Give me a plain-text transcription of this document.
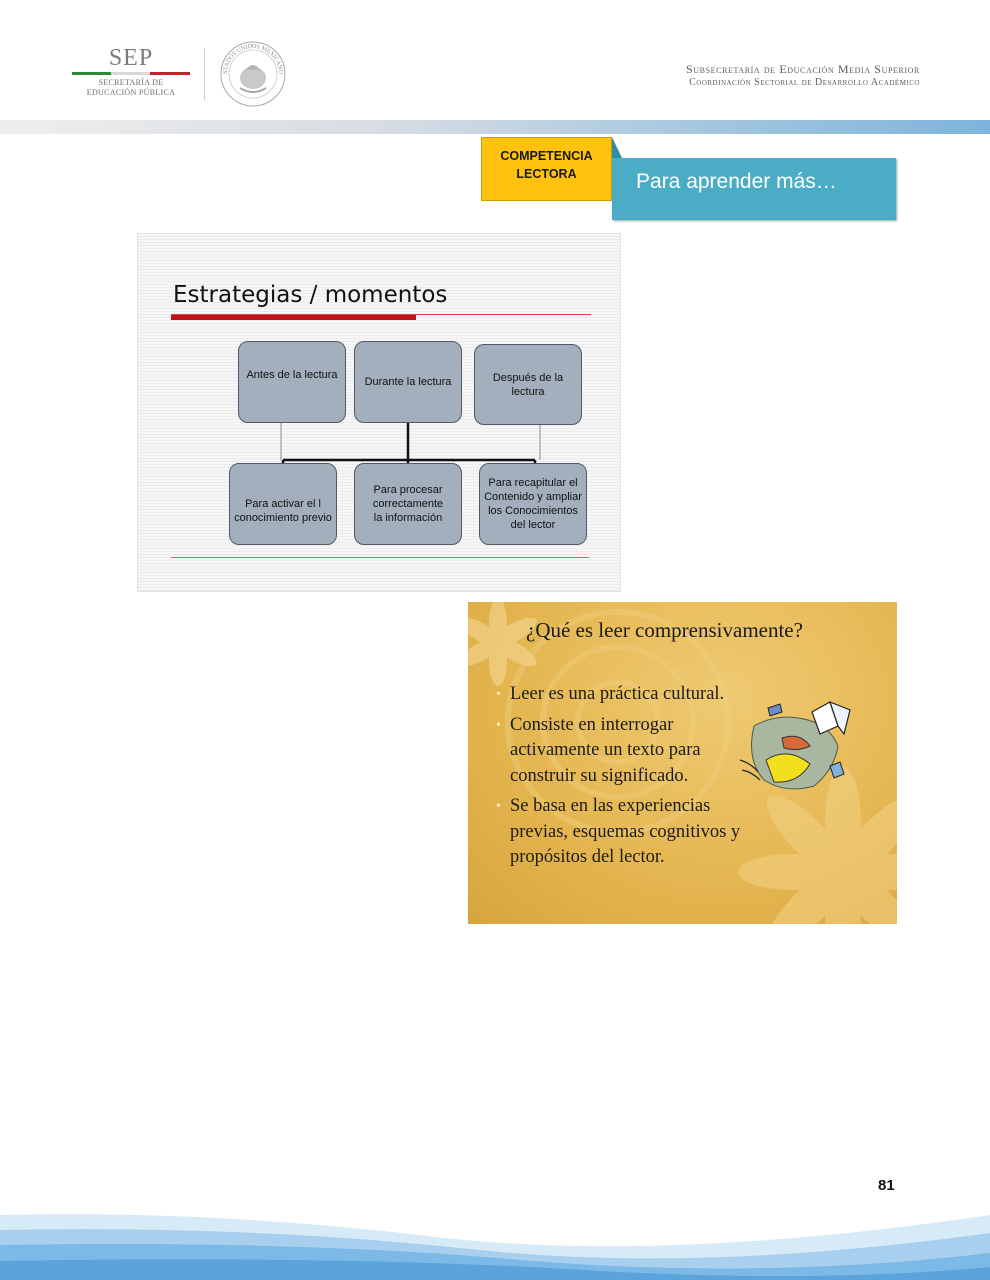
SEP
SECRETARÍA DE
EDUCACIÓN PÚBLICA
STADOS UNIDOS MEXICANO	Subsecretaría de Educación Media Superior
Coordinación Sectorial de Desarrollo Académico
COMPETENCIA
LECTORA	Para aprender más…
Estrategias / momentos
Antes de la lectura
Durante la lectura	Después de la lectura
Para activar el l conocimiento previo
Para procesar correctamente la información
Para recapitular el Contenido y ampliar los Conocimientos del lector
¿Qué es leer comprensivamente?
• Leer es una práctica cultural.
• Consiste en interrogar activamente un texto para construir su significado.
• Se basa en las experiencias previas, esquemas cognitivos y propósitos del lector.
81
